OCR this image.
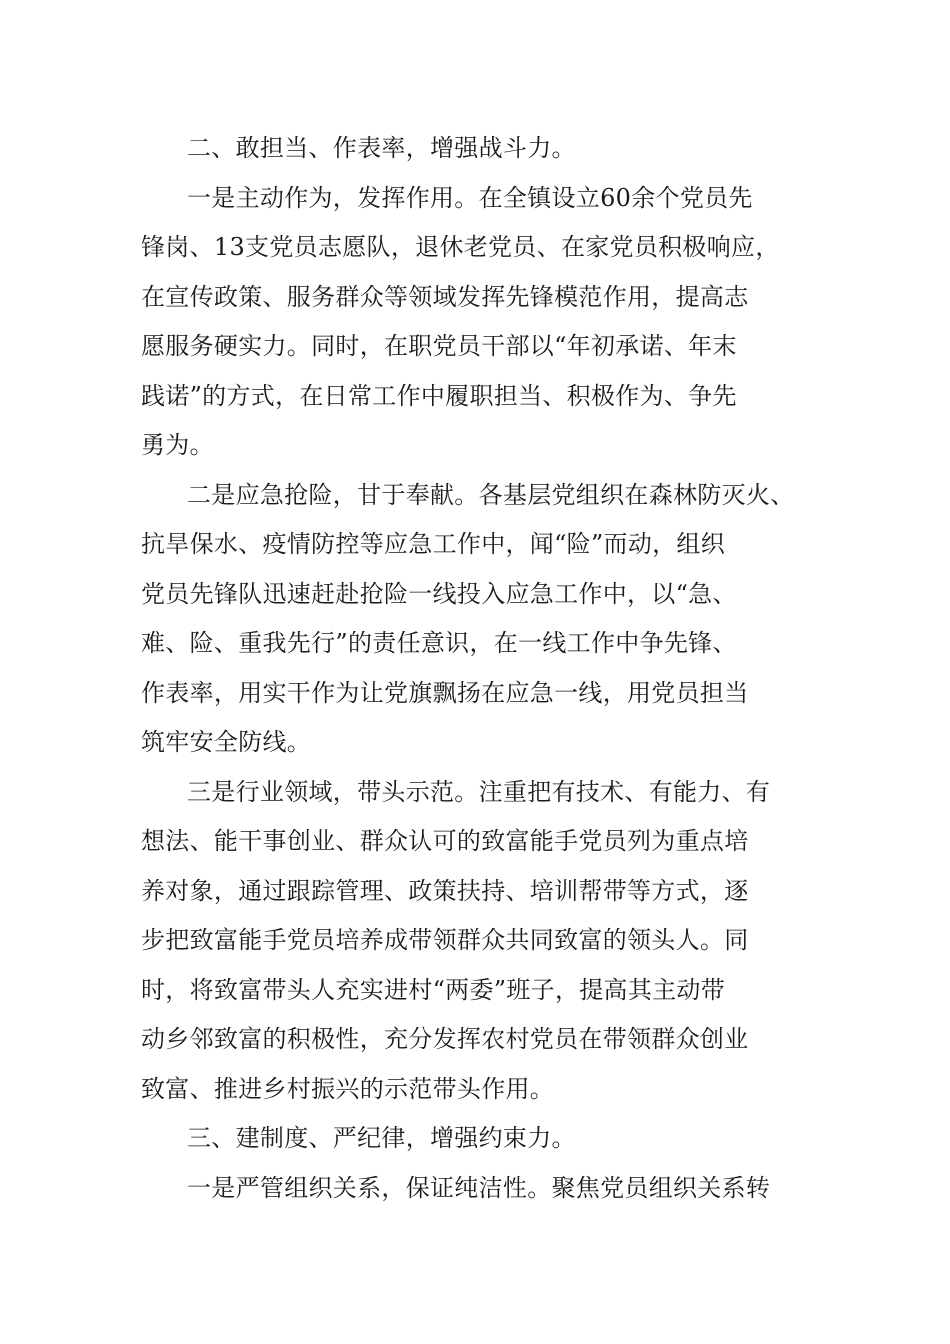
二、敢担当、作表率，增强战斗力。
一是主动作为，发挥作用。在全镇设立60余个党员先
锋岗、13支党员志愿队，退休老党员、在家党员积极响应，
在宣传政策、服务群众等领域发挥先锋模范作用，提高志
愿服务硬实力。同时，在职党员干部以“年初承诺、年末
践诺”的方式，在日常工作中履职担当、积极作为、争先
勇为。
二是应急抢险，甘于奉献。各基层党组织在森林防灭火、
抗旱保水、疫情防控等应急工作中，闻“险”而动，组织
党员先锋队迅速赶赴抢险一线投入应急工作中，以“急、
难、险、重我先行”的责任意识，在一线工作中争先锋、
作表率，用实干作为让党旗飘扬在应急一线，用党员担当
筑牢安全防线。
三是行业领域，带头示范。注重把有技术、有能力、有
想法、能干事创业、群众认可的致富能手党员列为重点培
养对象，通过跟踪管理、政策扶持、培训帮带等方式，逐
步把致富能手党员培养成带领群众共同致富的领头人。同
时，将致富带头人充实进村“两委”班子，提高其主动带
动乡邻致富的积极性，充分发挥农村党员在带领群众创业
致富、推进乡村振兴的示范带头作用。
三、建制度、严纪律，增强约束力。
一是严管组织关系，保证纯洁性。聚焦党员组织关系转
